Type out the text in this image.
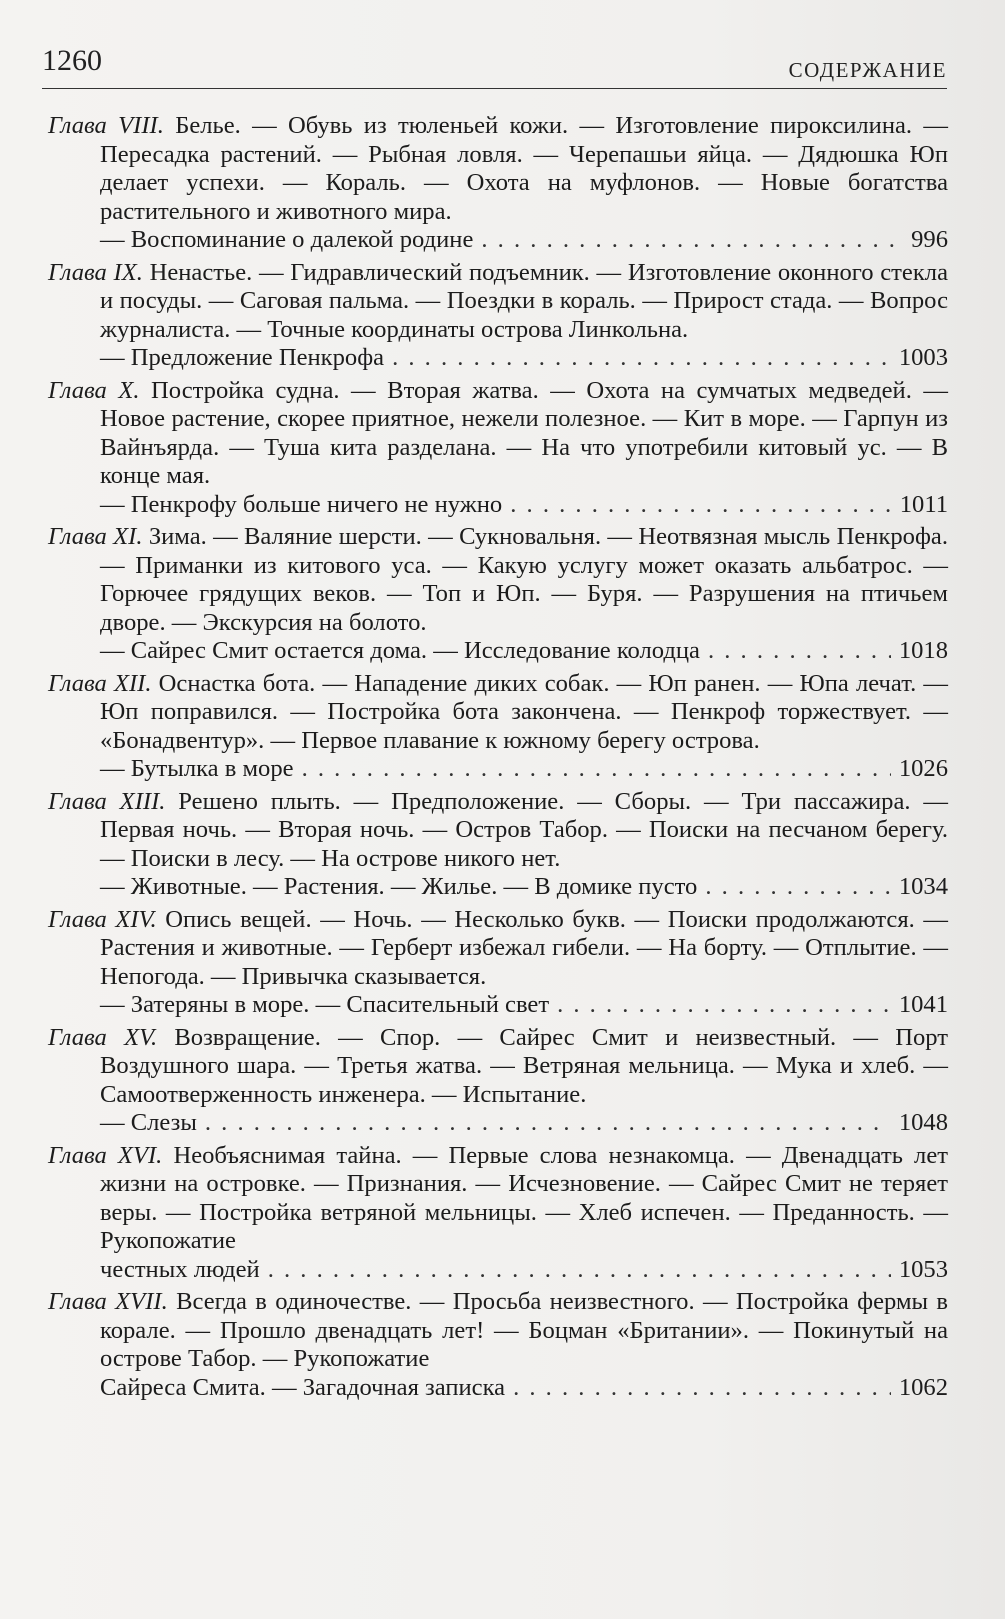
1260	СОДЕРЖАНИЕ
Глава VIII. Белье. — Обувь из тюленьей кожи. — Изготовление пироксилина. — Пересадка растений. — Рыбная ловля. — Черепашьи яйца. — Дядюшка Юп делает успехи. — Кораль. — Охота на муфлонов. — Новые богатства растительного и животного мира.
— Воспоминание о далекой родине . . .	996
Глава IX. Ненастье. — Гидравлический подъемник. — Изготовление оконного стекла и посуды. — Саговая пальма. — Поездки в кораль. — Прирост стада. — Вопрос журналиста. — Точные координаты острова Линкольна.
— Предложение Пенкрофа . . .	1003
Глава X. Постройка судна. — Вторая жатва. — Охота на сумчатых медведей. — Новое растение, скорее приятное, нежели полезное. — Кит в море. — Гарпун из Вайнъярда. — Туша кита разделана. — На что употребили китовый ус. — В конце мая.
— Пенкрофу больше ничего не нужно . . .	1011
Глава XI. Зима. — Валяние шерсти. — Сукновальня. — Неотвязная мысль Пенкрофа. — Приманки из китового уса. — Какую услугу может оказать альбатрос. — Горючее грядущих веков. — Топ и Юп. — Буря. — Разрушения на птичьем дворе. — Экскурсия на болото.
— Сайрес Смит остается дома. — Исследование колодца . . .	1018
Глава XII. Оснастка бота. — Нападение диких собак. — Юп ранен. — Юпа лечат. — Юп поправился. — Постройка бота закончена. — Пенкроф торжествует. — «Бонадвентур». — Первое плавание к южному берегу острова.
— Бутылка в море . . .	1026
Глава XIII. Решено плыть. — Предположение. — Сборы. — Три пассажира. — Первая ночь. — Вторая ночь. — Остров Табор. — Поиски на песчаном берегу. — Поиски в лесу. — На острове никого нет.
— Животные. — Растения. — Жилье. — В домике пусто . . .	1034
Глава XIV. Опись вещей. — Ночь. — Несколько букв. — Поиски продолжаются. — Растения и животные. — Герберт избежал гибели. — На борту. — Отплытие. — Непогода. — Привычка сказывается.
— Затеряны в море. — Спасительный свет . . .	1041
Глава XV. Возвращение. — Спор. — Сайрес Смит и неизвестный. — Порт Воздушного шара. — Третья жатва. — Ветряная мельница. — Мука и хлеб. — Самоотверженность инженера. — Испытание.
— Слезы . . .	1048
Глава XVI. Необъяснимая тайна. — Первые слова незнакомца. — Двенадцать лет жизни на островке. — Признания. — Исчезновение. — Сайрес Смит не теряет веры. — Постройка ветряной мельницы. — Хлеб испечен. — Преданность. — Рукопожатие
честных людей . . .	1053
Глава XVII. Всегда в одиночестве. — Просьба неизвестного. — Постройка фермы в корале. — Прошло двенадцать лет! — Боцман «Британии». — Покинутый на острове Табор. — Рукопожатие
Сайреса Смита. — Загадочная записка . . .	1062
